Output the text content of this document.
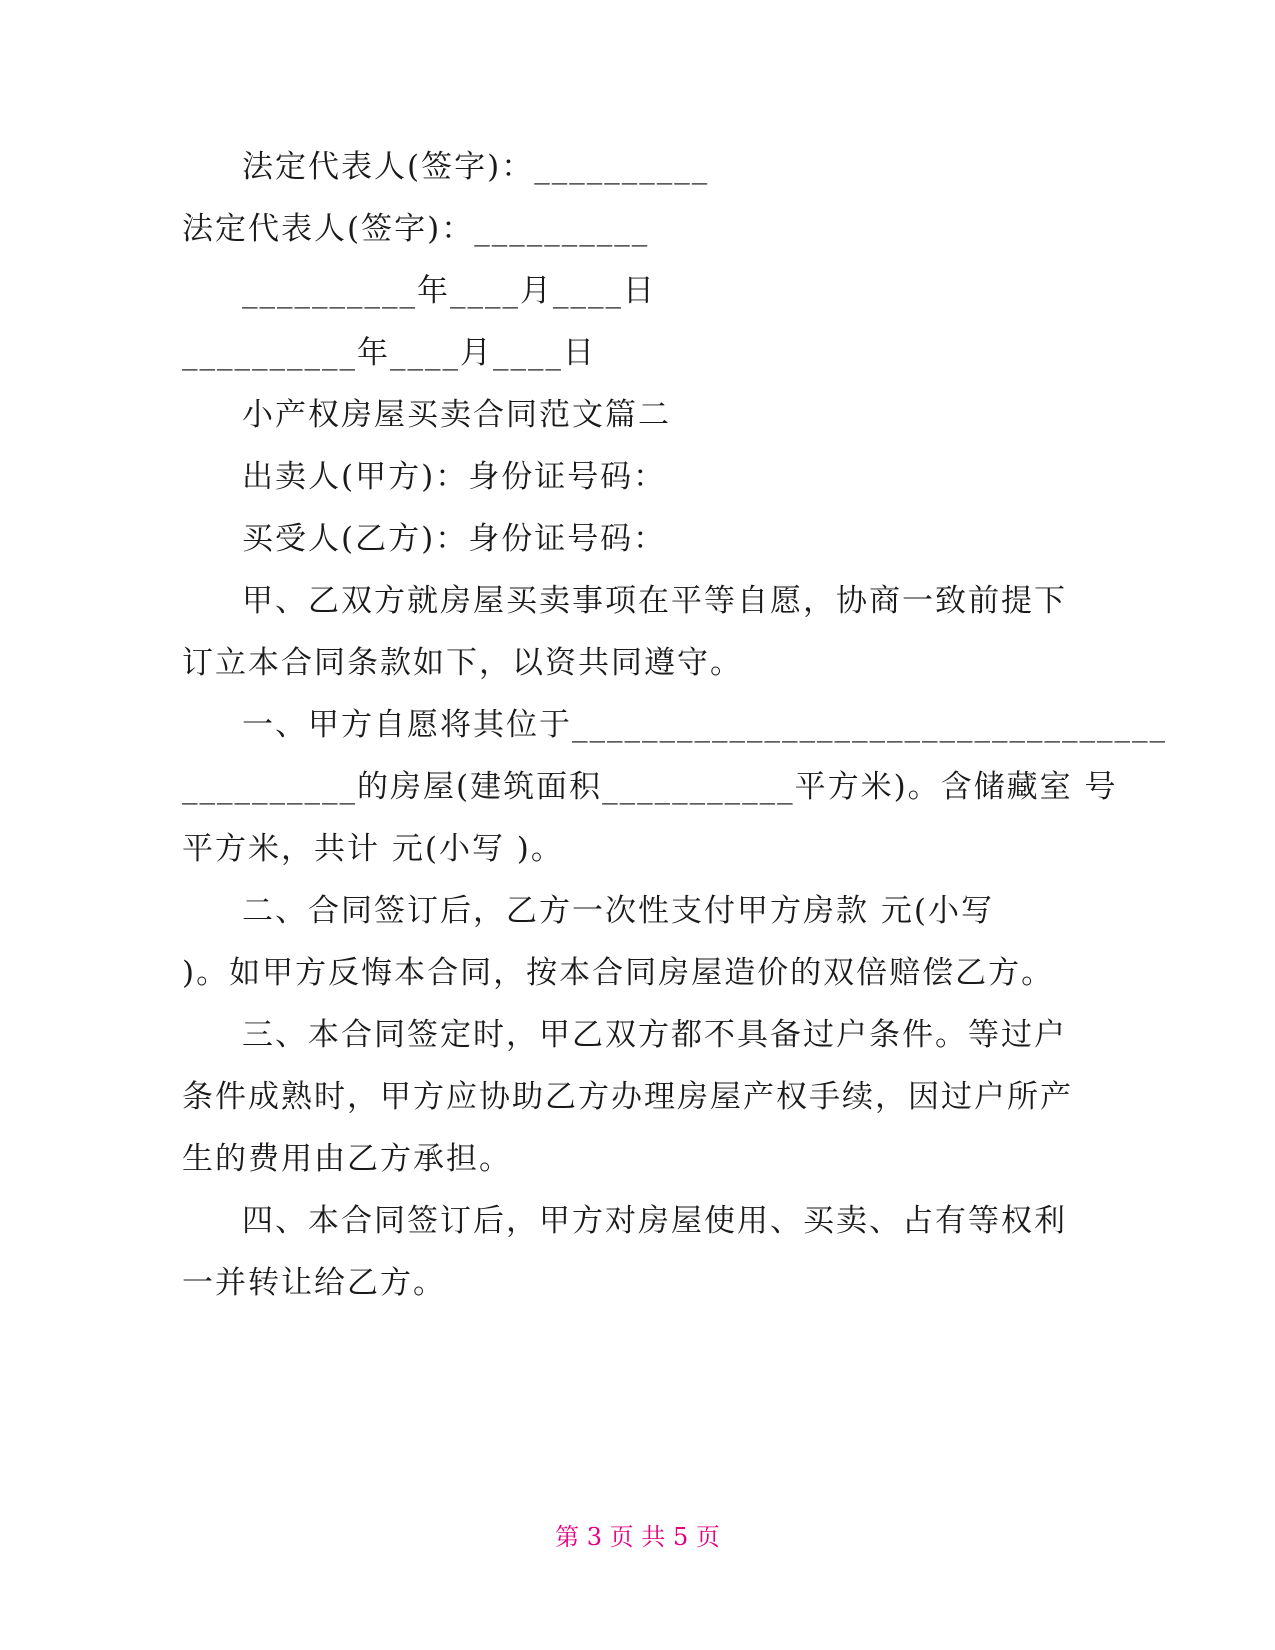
法定代表人(签字)：__________
法定代表人(签字)：__________
__________年____月____日
__________年____月____日
小产权房屋买卖合同范文篇二
出卖人(甲方)：身份证号码：
买受人(乙方)：身份证号码：
甲、乙双方就房屋买卖事项在平等自愿，协商一致前提下
订立本合同条款如下，以资共同遵守。
一、甲方自愿将其位于__________________________________
__________的房屋(建筑面积___________平方米)。含储藏室 号
平方米，共计 元(小写 )。
二、合同签订后，乙方一次性支付甲方房款 元(小写
)。如甲方反悔本合同，按本合同房屋造价的双倍赔偿乙方。
三、本合同签定时，甲乙双方都不具备过户条件。等过户
条件成熟时，甲方应协助乙方办理房屋产权手续，因过户所产
生的费用由乙方承担。
四、本合同签订后，甲方对房屋使用、买卖、占有等权利
一并转让给乙方。
第 3 页 共 5 页
